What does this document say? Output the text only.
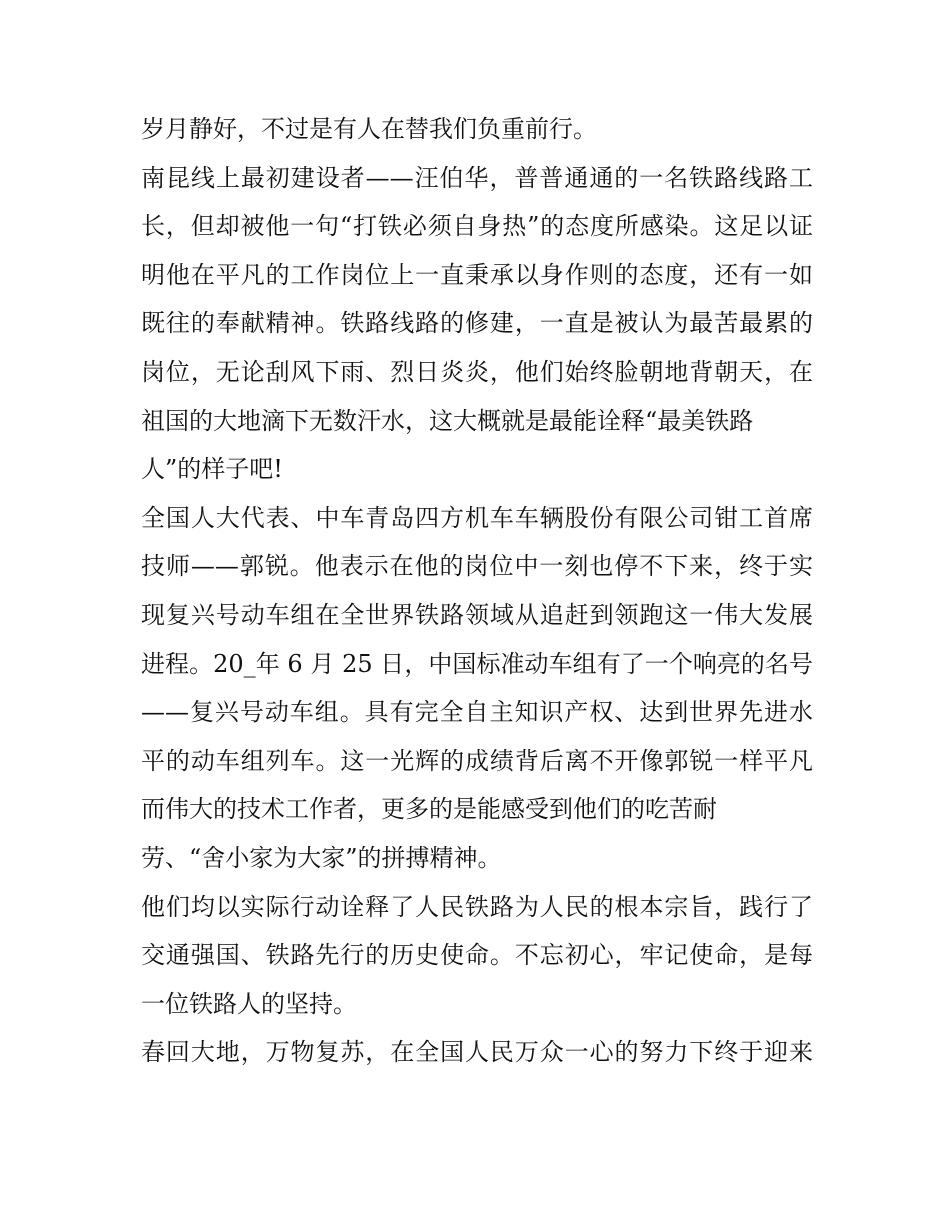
岁月静好，不过是有人在替我们负重前行。
南昆线上最初建设者——汪伯华，普普通通的一名铁路线路工
长，但却被他一句“打铁必须自身热”的态度所感染。这足以证
明他在平凡的工作岗位上一直秉承以身作则的态度，还有一如
既往的奉献精神。铁路线路的修建，一直是被认为最苦最累的
岗位，无论刮风下雨、烈日炎炎，他们始终脸朝地背朝天，在
祖国的大地滴下无数汗水，这大概就是最能诠释“最美铁路
人”的样子吧!
全国人大代表、中车青岛四方机车车辆股份有限公司钳工首席
技师——郭锐。他表示在他的岗位中一刻也停不下来，终于实
现复兴号动车组在全世界铁路领域从追赶到领跑这一伟大发展
进程。20_年 6 月 25 日，中国标准动车组有了一个响亮的名号
——复兴号动车组。具有完全自主知识产权、达到世界先进水
平的动车组列车。这一光辉的成绩背后离不开像郭锐一样平凡
而伟大的技术工作者，更多的是能感受到他们的吃苦耐
劳、“舍小家为大家”的拼搏精神。
他们均以实际行动诠释了人民铁路为人民的根本宗旨，践行了
交通强国、铁路先行的历史使命。不忘初心，牢记使命，是每
一位铁路人的坚持。
春回大地，万物复苏，在全国人民万众一心的努力下终于迎来
